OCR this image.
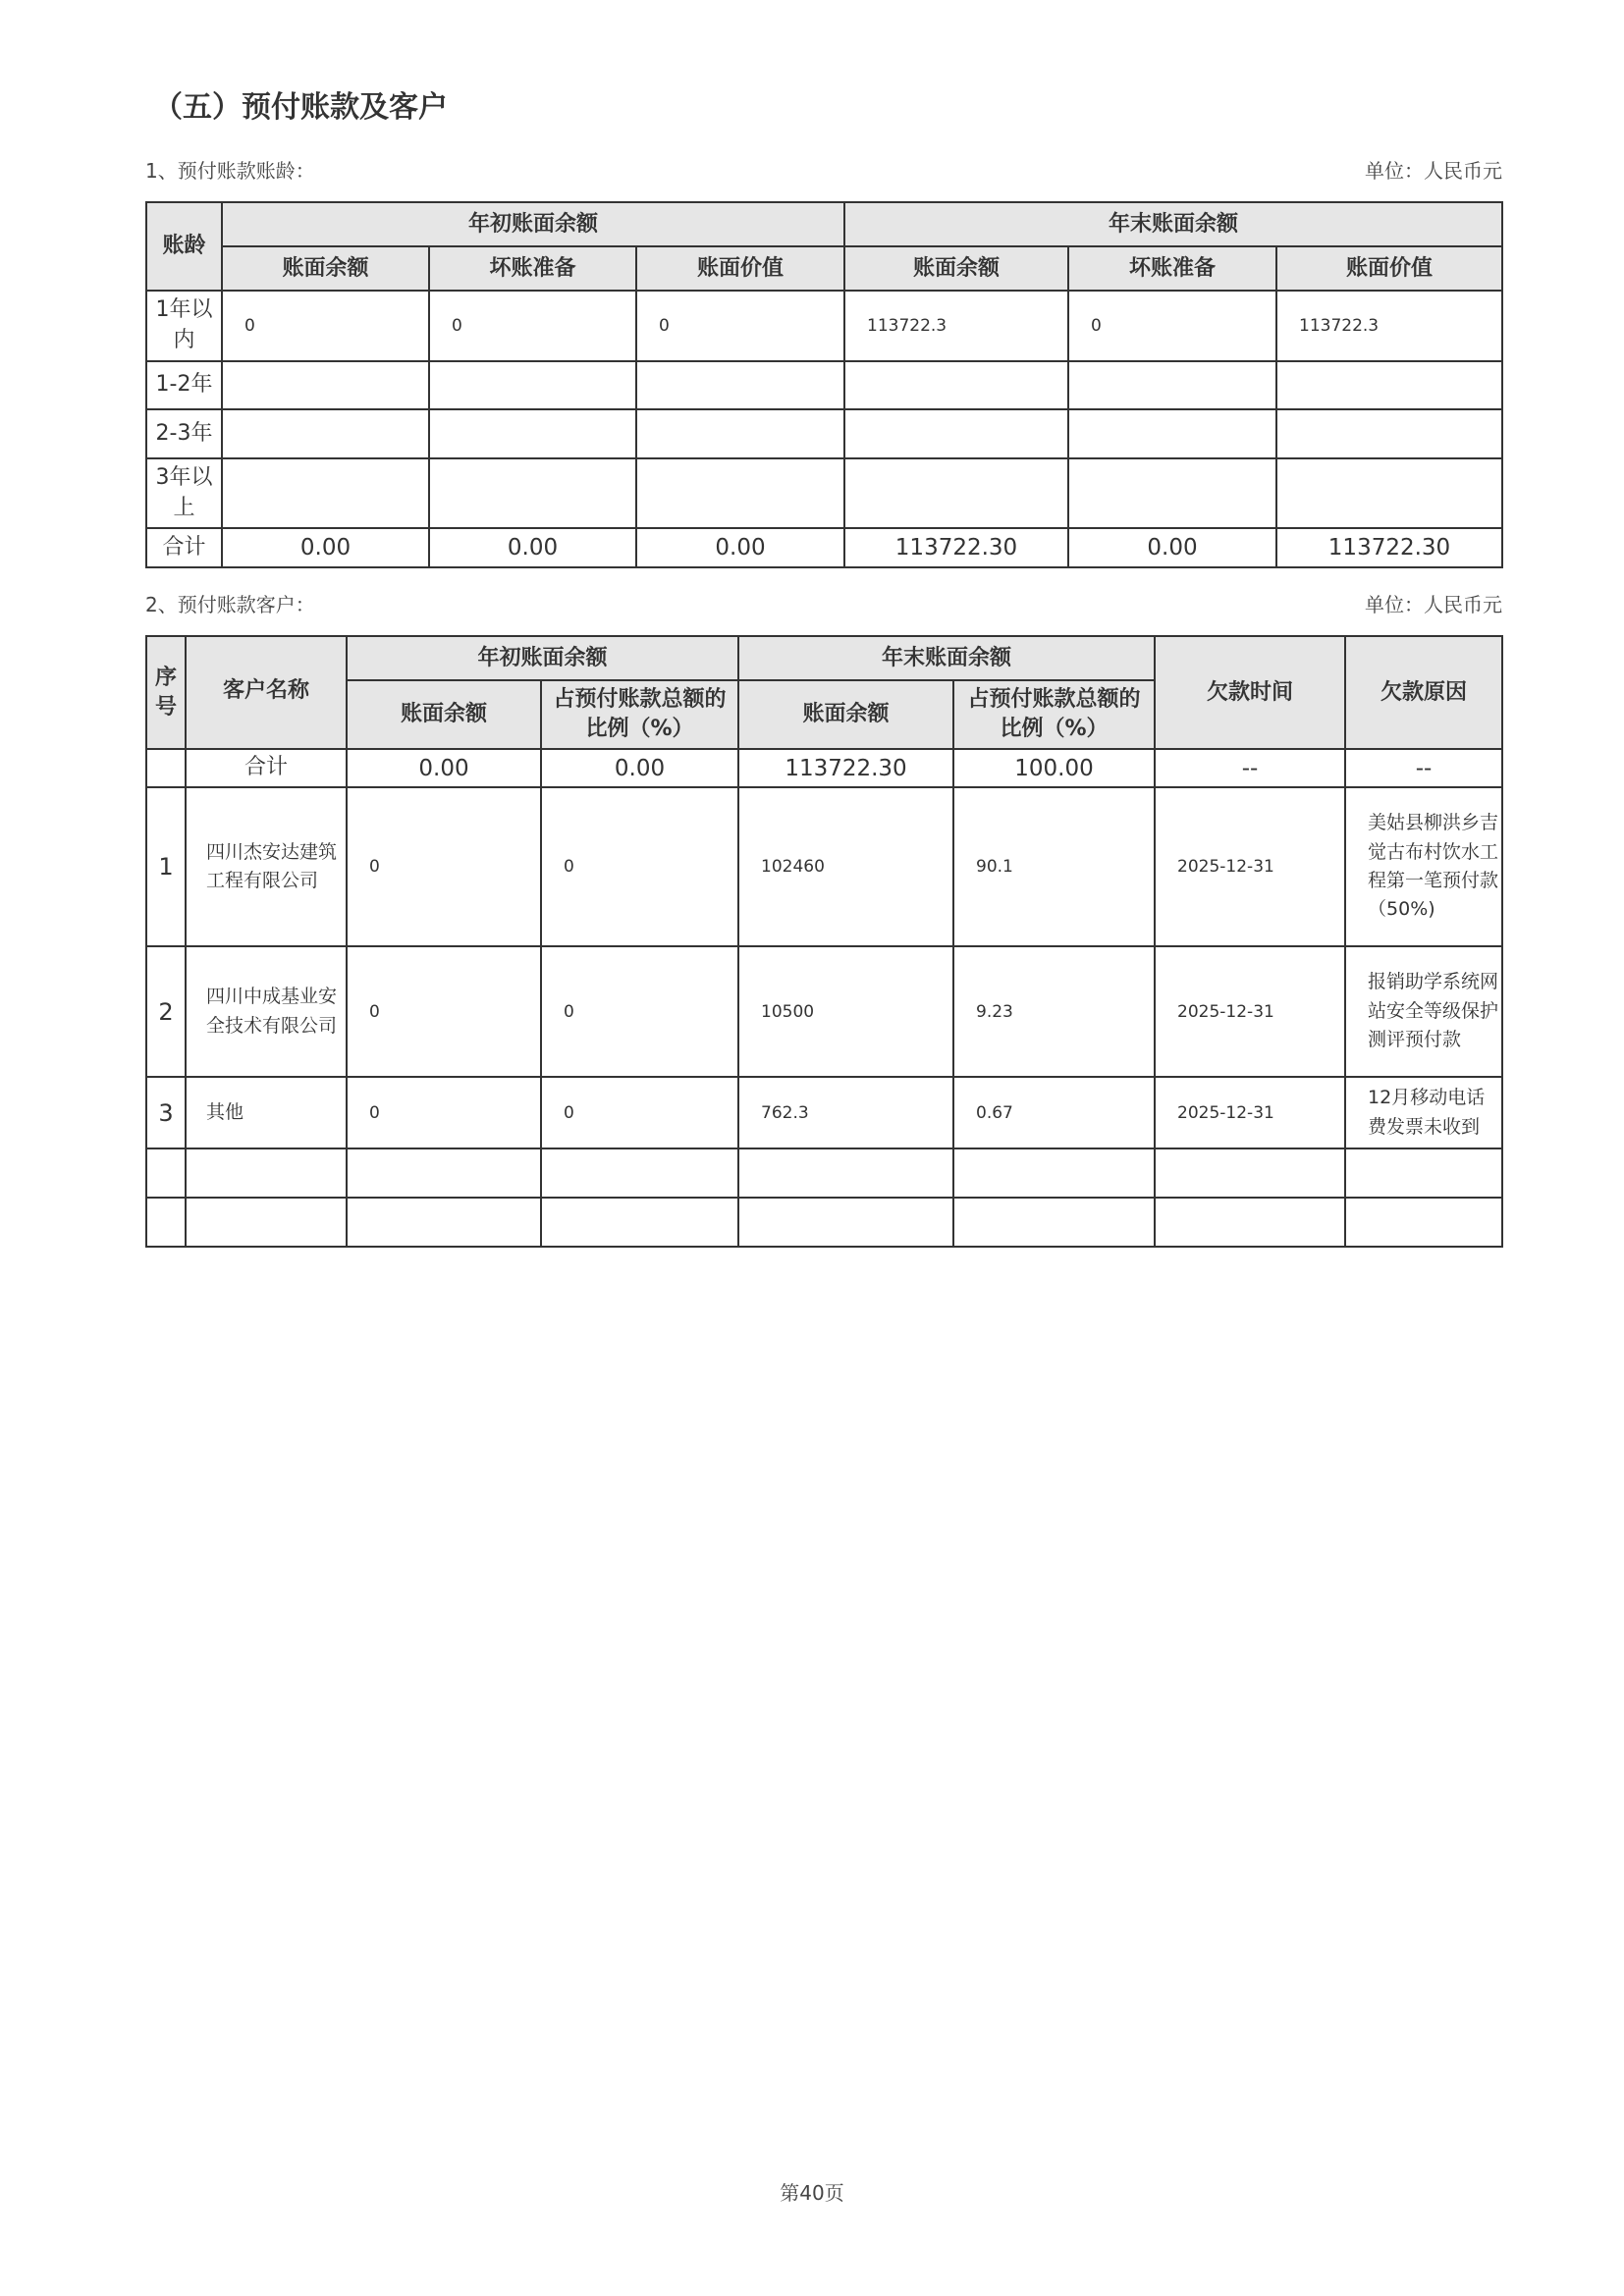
（五）预付账款及客户
1、预付账款账龄：	单位：人民币元
账龄	年初账面余额			年末账面余额		
	账面余额	坏账准备	账面价值	账面余额	坏账准备	账面价值
1年以内	0	0	0	113722.3	0	113722.3
1-2年						
2-3年						
3年以上						
合计	0.00	0.00	0.00	113722.30	0.00	113722.30
2、预付账款客户：	单位：人民币元
序号	客户名称	年初账面余额		年末账面余额		欠款时间	欠款原因
		账面余额	占预付账款总额的比例（%）	账面余额	占预付账款总额的比例（%）		
	合计	0.00	0.00	113722.30	100.00	--	--
1	四川杰安达建筑工程有限公司	0	0	102460	90.1	2025-12-31	美姑县柳洪乡吉觉古布村饮水工程第一笔预付款（50%)
2	四川中成基业安全技术有限公司	0	0	10500	9.23	2025-12-31	报销助学系统网站安全等级保护测评预付款
3	其他	0	0	762.3	0.67	2025-12-31	12月移动电话费发票未收到

第40页
